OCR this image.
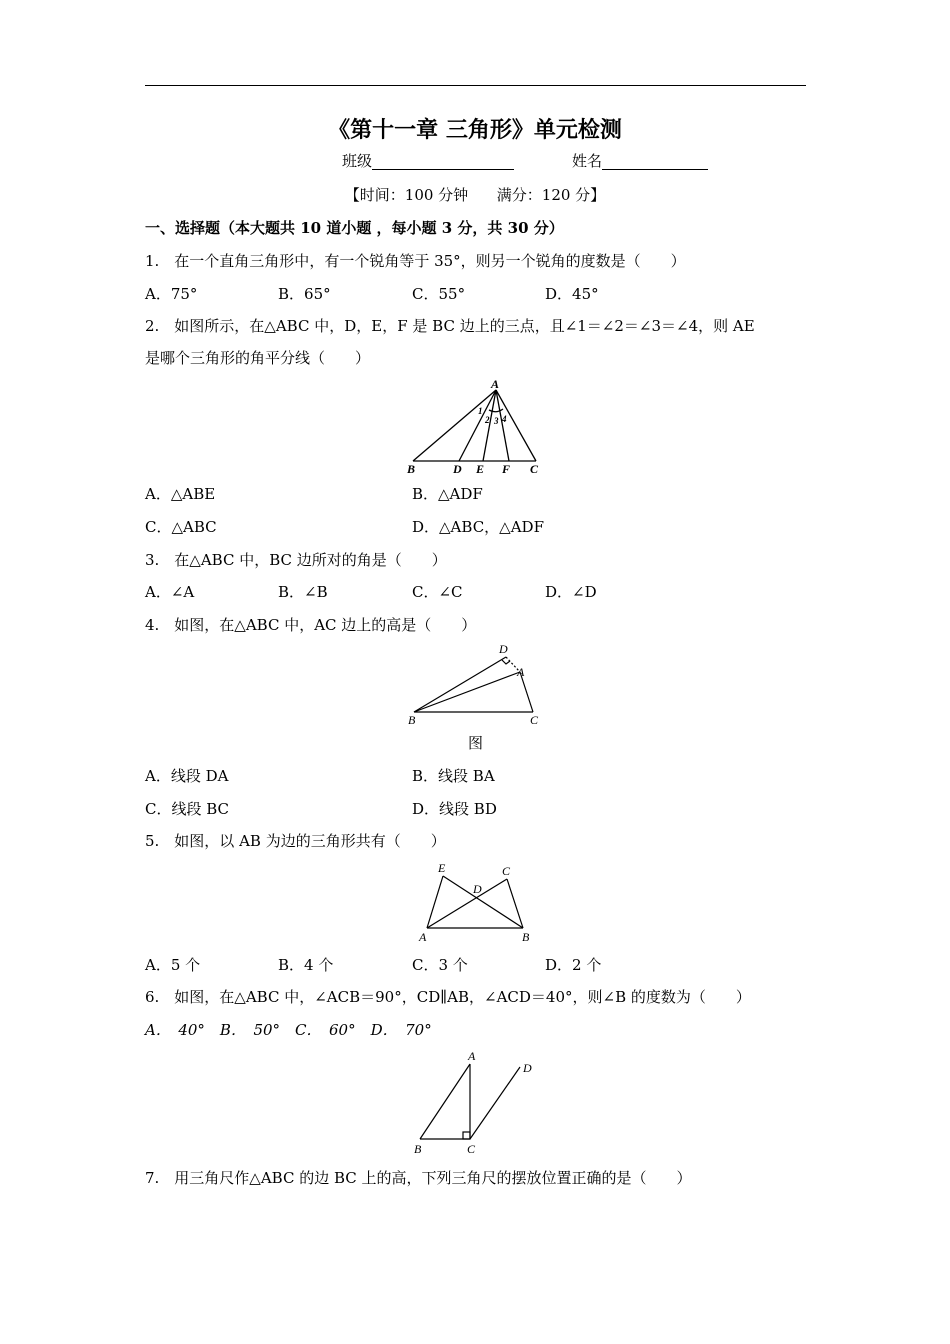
《第十一章 三角形》单元检测
班级	姓名
【时间：100 分钟      满分：120 分】
一、选择题（本大题共 10 道小题 ，每小题 3 分，共 30 分）
1.　在一个直角三角形中，有一个锐角等于 35°，则另一个锐角的度数是（　　）
A．75°	B．65°	C．55°	D．45°
2.　如图所示，在△ABC 中，D，E，F 是 BC 边上的三点，且∠1＝∠2＝∠3＝∠4，则 AE
是哪个三角形的角平分线（　　）
A
B	D E F C
1
2 3 4
A．△ABE	B．△ADF
C．△ABC	D．△ABC，△ADF
3.　在△ABC 中，BC 边所对的角是（　　）
A．∠A	B．∠B	C．∠C	D．∠D
4.　如图，在△ABC 中，AC 边上的高是（　　）
D
A
B	C
图
A．线段 DA	B．线段 BA
C．线段 BC	D．线段 BD
5.　如图，以 AB 为边的三角形共有（　　）
E	C
D
A	B
A．5 个	B．4 个	C．3 个	D．2 个
6.　如图，在△ABC 中，∠ACB＝90°，CD∥AB，∠ACD＝40°，则∠B 的度数为（　　）
A．　40°　B．　50°　C．　60°　D．　70°
A
D
B	C
7.　用三角尺作△ABC 的边 BC 上的高，下列三角尺的摆放位置正确的是（　　）
